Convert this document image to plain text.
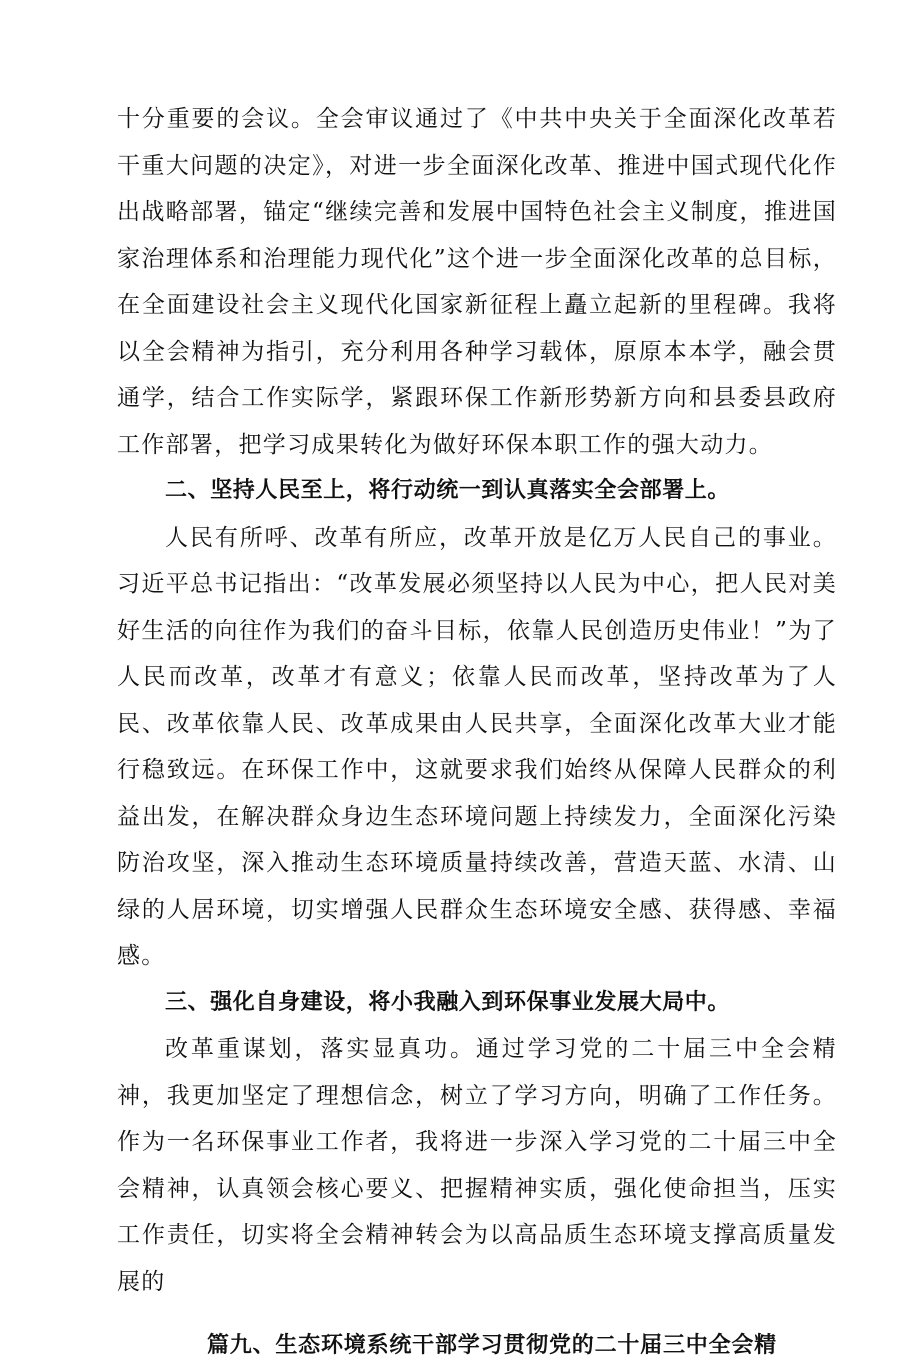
十分重要的会议。全会审议通过了《中共中央关于全面深化改革若干重大问题的决定》，对进一步全面深化改革、推进中国式现代化作出战略部署，锚定“继续完善和发展中国特色社会主义制度，推进国家治理体系和治理能力现代化”这个进一步全面深化改革的总目标，在全面建设社会主义现代化国家新征程上矗立起新的里程碑。我将以全会精神为指引，充分利用各种学习载体，原原本本学，融会贯通学，结合工作实际学，紧跟环保工作新形势新方向和县委县政府工作部署，把学习成果转化为做好环保本职工作的强大动力。

二、坚持人民至上，将行动统一到认真落实全会部署上。

人民有所呼、改革有所应，改革开放是亿万人民自己的事业。习近平总书记指出：“改革发展必须坚持以人民为中心，把人民对美好生活的向往作为我们的奋斗目标，依靠人民创造历史伟业！”为了人民而改革，改革才有意义；依靠人民而改革，坚持改革为了人民、改革依靠人民、改革成果由人民共享，全面深化改革大业才能行稳致远。在环保工作中，这就要求我们始终从保障人民群众的利益出发，在解决群众身边生态环境问题上持续发力，全面深化污染防治攻坚，深入推动生态环境质量持续改善，营造天蓝、水清、山绿的人居环境，切实增强人民群众生态环境安全感、获得感、幸福感。

三、强化自身建设，将小我融入到环保事业发展大局中。

改革重谋划，落实显真功。通过学习党的二十届三中全会精神，我更加坚定了理想信念，树立了学习方向，明确了工作任务。作为一名环保事业工作者，我将进一步深入学习党的二十届三中全会精神，认真领会核心要义、把握精神实质，强化使命担当，压实工作责任，切实将全会精神转会为以高品质生态环境支撑高质量发展的

篇九、生态环境系统干部学习贯彻党的二十届三中全会精
